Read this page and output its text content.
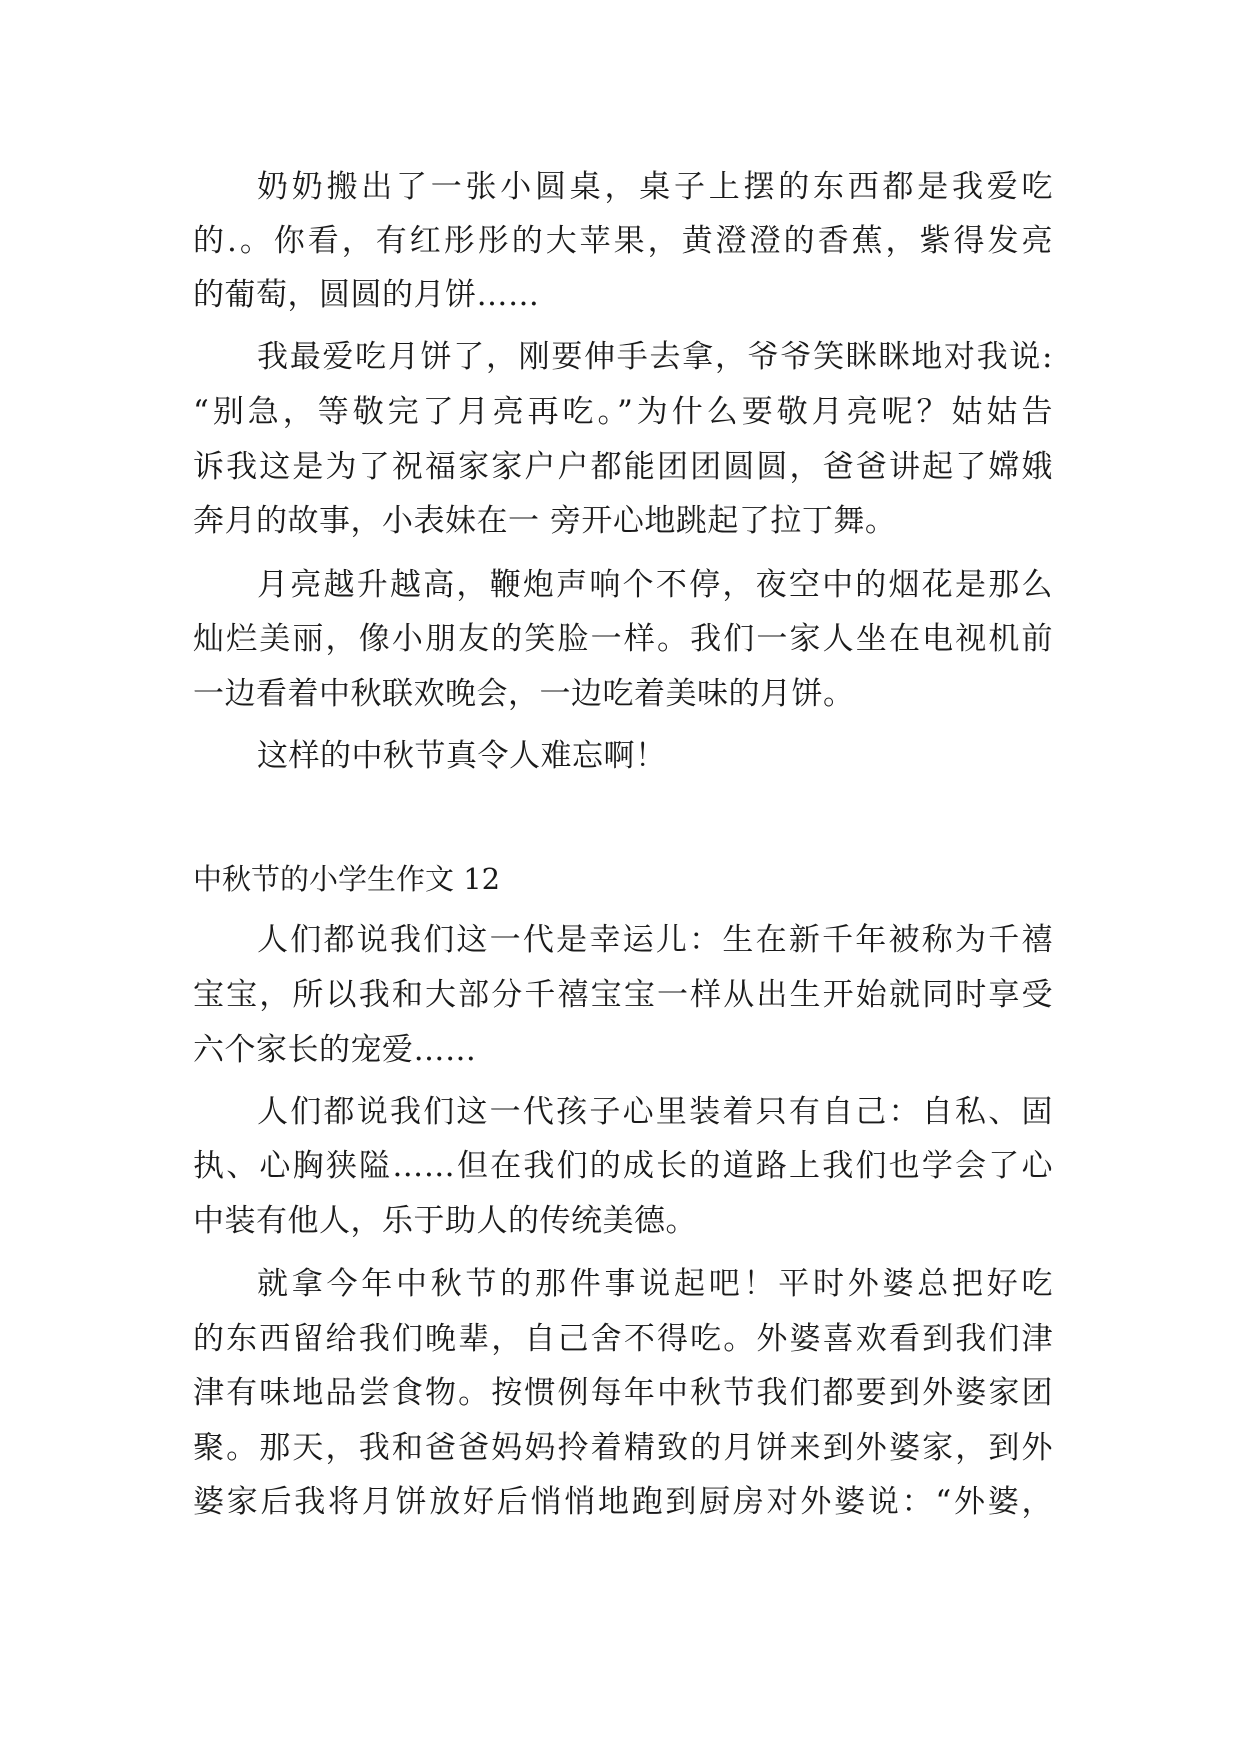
奶奶搬出了一张小圆桌，桌子上摆的东西都是我爱吃
的.。你看，有红彤彤的大苹果，黄澄澄的香蕉，紫得发亮
的葡萄，圆圆的月饼……
我最爱吃月饼了，刚要伸手去拿，爷爷笑眯眯地对我说:
“别急，等敬完了月亮再吃。”为什么要敬月亮呢？姑姑告
诉我这是为了祝福家家户户都能团团圆圆，爸爸讲起了嫦娥
奔月的故事，小表妹在一 旁开心地跳起了拉丁舞。
月亮越升越高，鞭炮声响个不停，夜空中的烟花是那么
灿烂美丽，像小朋友的笑脸一样。我们一家人坐在电视机前
一边看着中秋联欢晚会，一边吃着美味的月饼。
这样的中秋节真令人难忘啊！
中秋节的小学生作文 12
人们都说我们这一代是幸运儿：生在新千年被称为千禧
宝宝，所以我和大部分千禧宝宝一样从出生开始就同时享受
六个家长的宠爱……
人们都说我们这一代孩子心里装着只有自己：自私、固
执、心胸狭隘……但在我们的成长的道路上我们也学会了心
中装有他人，乐于助人的传统美德。
就拿今年中秋节的那件事说起吧！平时外婆总把好吃
的东西留给我们晚辈，自己舍不得吃。外婆喜欢看到我们津
津有味地品尝食物。按惯例每年中秋节我们都要到外婆家团
聚。那天，我和爸爸妈妈拎着精致的月饼来到外婆家，到外
婆家后我将月饼放好后悄悄地跑到厨房对外婆说：“外婆，
